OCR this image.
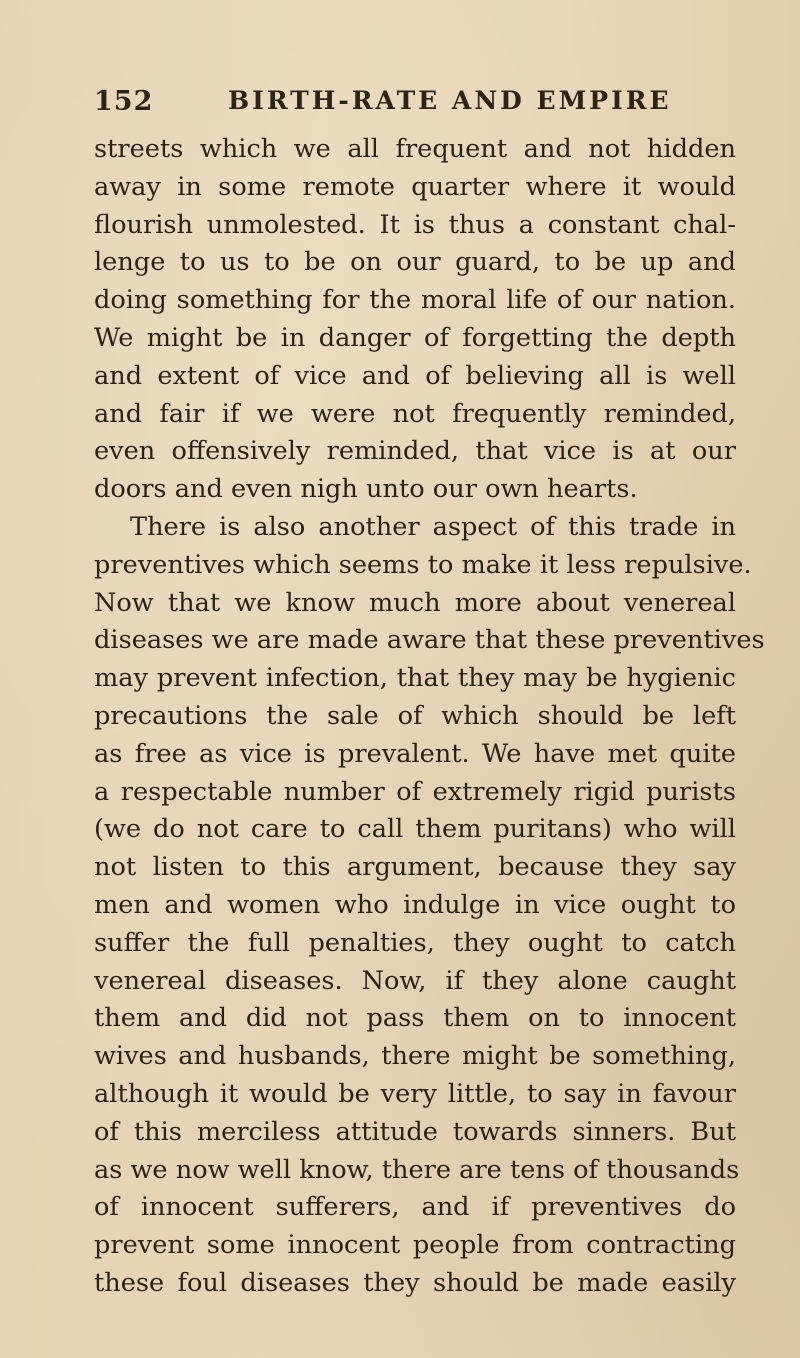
152	BIRTH-RATE AND EMPIRE
streets which we all frequent and not hidden
away in some remote quarter where it would
flourish unmolested. It is thus a constant chal-
lenge to us to be on our guard, to be up and
doing something for the moral life of our nation.
We might be in danger of forgetting the depth
and extent of vice and of believing all is well
and fair if we were not frequently reminded,
even offensively reminded, that vice is at our
doors and even nigh unto our own hearts.
There is also another aspect of this trade in
preventives which seems to make it less repulsive.
Now that we know much more about venereal
diseases we are made aware that these preventives
may prevent infection, that they may be hygienic
precautions the sale of which should be left
as free as vice is prevalent. We have met quite
a respectable number of extremely rigid purists
(we do not care to call them puritans) who will
not listen to this argument, because they say
men and women who indulge in vice ought to
suffer the full penalties, they ought to catch
venereal diseases. Now, if they alone caught
them and did not pass them on to innocent
wives and husbands, there might be something,
although it would be very little, to say in favour
of this merciless attitude towards sinners. But
as we now well know, there are tens of thousands
of innocent sufferers, and if preventives do
prevent some innocent people from contracting
these foul diseases they should be made easily
